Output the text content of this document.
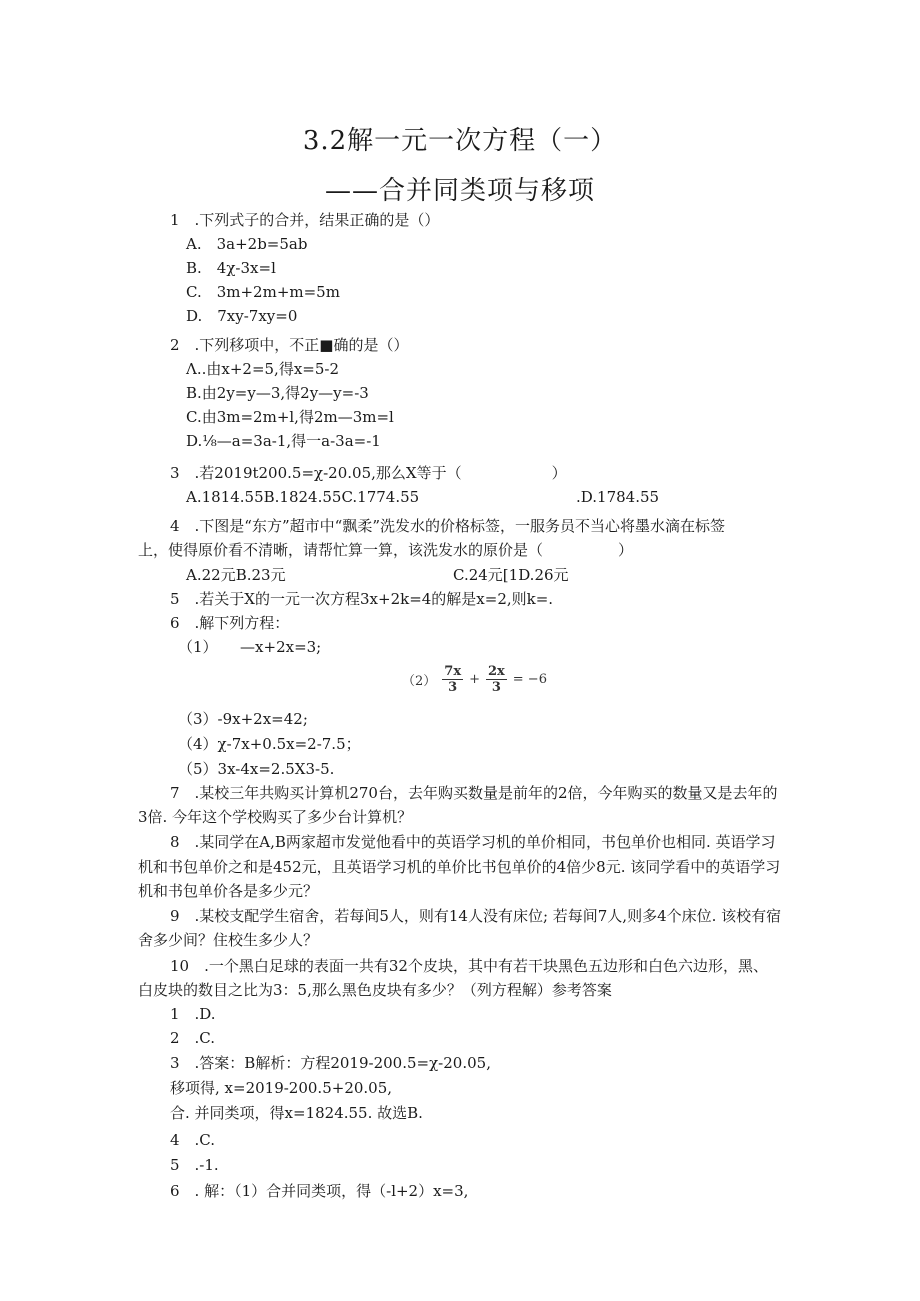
3.2解一元一次方程（一）
——合并同类项与移项
1　.下列式子的合并，结果正确的是（）
A.　3a+2b=5ab
B.　4χ-3x=l
C.　3m+2m+m=5m
D.　7xy-7xy=0
2　.下列移项中，不正■确的是（）
Λ..由x+2=5,得x=5-2
B.由2y=y—3,得2y—y=-3
C.由3m=2m+l,得2m—3m=l
D.⅛—a=3a-1,得一a-3a=-1
3　.若2019t200.5=χ-20.05,那么X等于（　　　　　　）
A.1814.55B.1824.55C.1774.55	.D.1784.55
4　.下图是“东方”超市中“飘柔”洗发水的价格标签，一服务员不当心将墨水滴在标签
上，使得原价看不清晰，请帮忙算一算，该洗发水的原价是（　　　　　）
A.22元B.23元	C.24元[1D.26元
5　.若关于X的一元一次方程3x+2k=4的解是x=2,则k=.
6　.解下列方程：
（1）　　—x+2x=3;
$(2) \frac{7x}{3} + \frac{2x}{3} = -6$
（3）-9x+2x=42;
（4）χ-7x+0.5x=2-7.5；
（5）3x-4x=2.5X3-5.
7　.某校三年共购买计算机270台，去年购买数量是前年的2倍，今年购买的数量又是去年的
3倍. 今年这个学校购买了多少台计算机？
8　.某同学在A,B两家超市发觉他看中的英语学习机的单价相同，书包单价也相同. 英语学习
机和书包单价之和是452元，且英语学习机的单价比书包单价的4倍少8元. 该同学看中的英语学习
机和书包单价各是多少元？
9　.某校支配学生宿舍，若每间5人，则有14人没有床位; 若每间7人,则多4个床位. 该校有宿
舍多少间？住校生多少人？
10　.一个黑白足球的表面一共有32个皮块，其中有若干块黑色五边形和白色六边形，黑、
白皮块的数目之比为3：5,那么黑色皮块有多少？（列方程解）参考答案
1　.D.
2　.C.
3　.答案：B解析：方程2019-200.5=χ-20.05,
移项得, x=2019-200.5+20.05,
合. 并同类项，得x=1824.55. 故选B.
4　.C.
5　.-1.
6　. 解：（1）合并同类项，得（-l+2）x=3,
